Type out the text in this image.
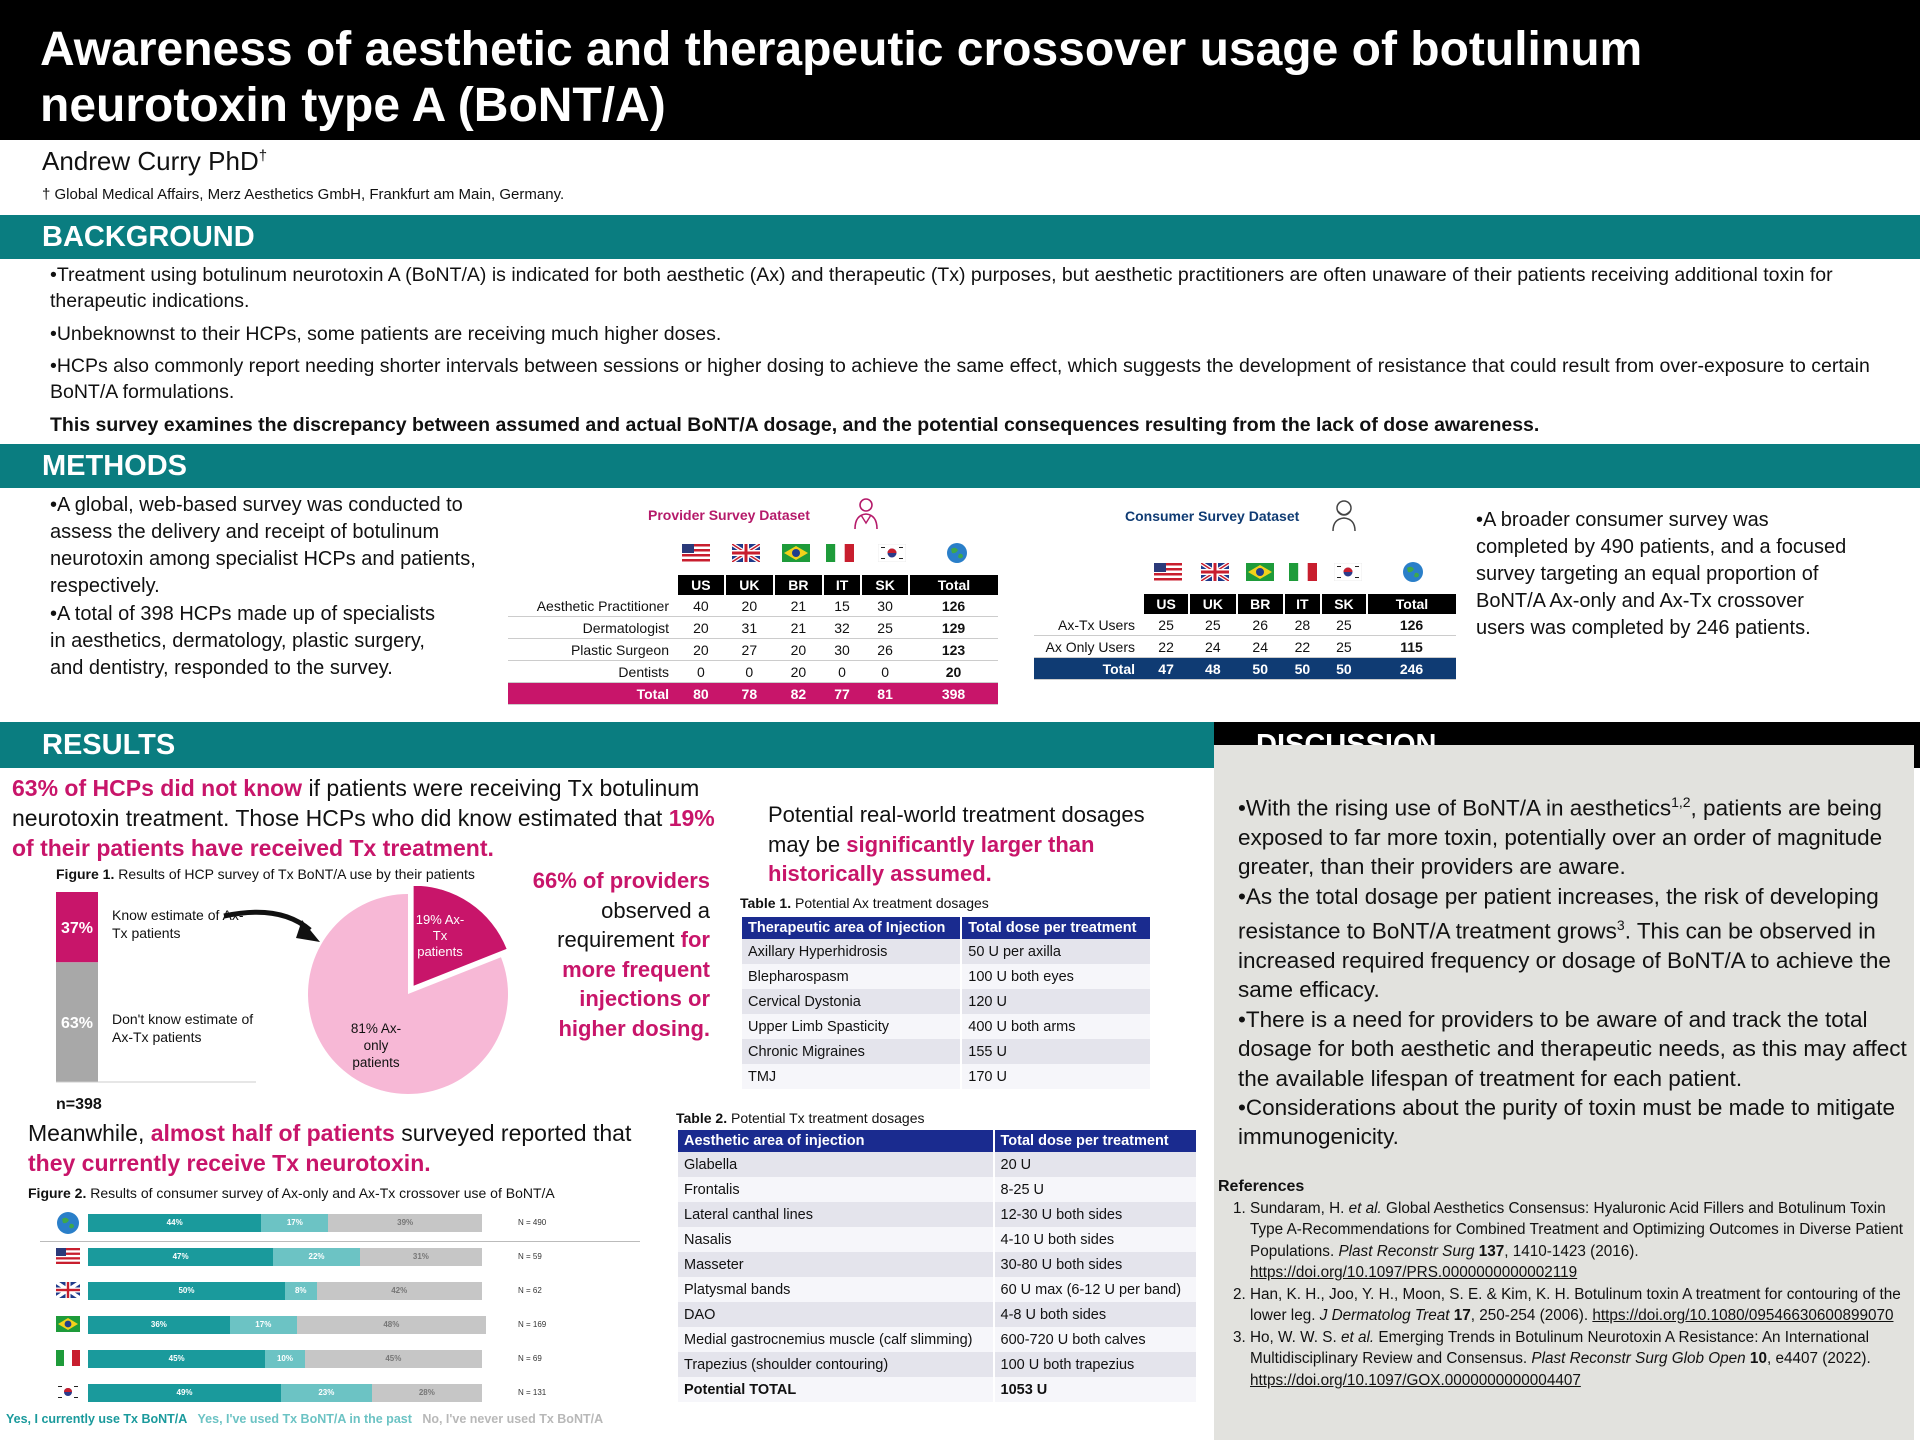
Awareness of aesthetic and therapeutic crossover usage of botulinum neurotoxin type A (BoNT/A)
Andrew Curry PhD†
† Global Medical Affairs, Merz Aesthetics GmbH, Frankfurt am Main, Germany.
BACKGROUND
•Treatment using botulinum neurotoxin A (BoNT/A) is indicated for both aesthetic (Ax) and therapeutic (Tx) purposes, but aesthetic practitioners are often unaware of their patients receiving additional toxin for therapeutic indications.
•Unbeknownst to their HCPs, some patients are receiving much higher doses.
•HCPs also commonly report needing shorter intervals between sessions or higher dosing to achieve the same effect, which suggests the development of resistance that could result from over-exposure to certain BoNT/A formulations.
This survey examines the discrepancy between assumed and actual BoNT/A dosage, and the potential consequences resulting from the lack of dose awareness.
METHODS
•A global, web-based survey was conducted to assess the delivery and receipt of botulinum neurotoxin among specialist HCPs and patients, respectively.
•A total of 398 HCPs made up of specialists in aesthetics, dermatology, plastic surgery, and dentistry, responded to the survey.
Provider Survey Dataset
	US	UK	BR	IT	SK	Total
Aesthetic Practitioner	40	20	21	15	30	126
Dermatologist	20	31	21	32	25	129
Plastic Surgeon	20	27	20	30	26	123
Dentists	0	0	20	0	0	20
Total	80	78	82	77	81	398
Consumer Survey Dataset
	US	UK	BR	IT	SK	Total
Ax-Tx Users	25	25	26	28	25	126
Ax Only Users	22	24	24	22	25	115
Total	47	48	50	50	50	246
•A broader consumer survey was completed by 490 patients, and a focused survey targeting an equal proportion of BoNT/A Ax-only and Ax-Tx crossover users was completed by 246 patients.
RESULTS
63% of HCPs did not know if patients were receiving Tx botulinum neurotoxin treatment. Those HCPs who did know estimated that 19% of their patients have received Tx treatment.
Figure 1. Results of HCP survey of Tx BoNT/A use by their patients
37%
63%
Know estimate of Ax-Tx patients
Don't know estimate of Ax-Tx patients
n=398
19% Ax-Tx patients
81% Ax-only patients
66% of providers observed a requirement for more frequent injections or higher dosing.
Potential real-world treatment dosages may be significantly larger than historically assumed.
Table 1. Potential Ax treatment dosages
Therapeutic area of Injection	Total dose per treatment
Axillary Hyperhidrosis	50 U per axilla
Blepharospasm	100 U both eyes
Cervical Dystonia	120 U
Upper Limb Spasticity	400 U both arms
Chronic Migraines	155 U
TMJ	170 U
Meanwhile, almost half of patients surveyed reported that they currently receive Tx neurotoxin.
Figure 2. Results of consumer survey of Ax-only and Ax-Tx crossover use of BoNT/A
Yes, I currently use Tx BoNT/A Yes, I've used Tx BoNT/A in the past No, I've never used Tx BoNT/A
Table 2. Potential Tx treatment dosages
Aesthetic area of injection	Total dose per treatment
Glabella	20 U
Frontalis	8-25 U
Lateral canthal lines	12-30 U both sides
Nasalis	4-10 U both sides
Masseter	30-80 U both sides
Platysmal bands	60 U max (6-12 U per band)
DAO	4-8 U both sides
Medial gastrocnemius muscle (calf slimming)	600-720 U both calves
Trapezius (shoulder contouring)	100 U both trapezius
Potential TOTAL	1053 U
•With the rising use of BoNT/A in aesthetics$^{1,2}$, patients are being exposed to far more toxin, potentially over an order of magnitude greater, than their providers are aware.
•As the total dosage per patient increases, the risk of developing resistance to BoNT/A treatment grows$^3$. This can be observed in increased required frequency or dosage of BoNT/A to achieve the same efficacy.
•There is a need for providers to be aware of and track the total dosage for both aesthetic and therapeutic needs, as this may affect the available lifespan of treatment for each patient.
•Considerations about the purity of toxin must be made to mitigate immunogenicity.
References
1. Sundaram, H. et al. Global Aesthetics Consensus: Hyaluronic Acid Fillers and Botulinum Toxin Type A-Recommendations for Combined Treatment and Optimizing Outcomes in Diverse Patient Populations. Plast Reconstr Surg 137, 1410-1423 (2016). https://doi.org/10.1097/PRS.0000000000002119
2. Han, K. H., Joo, Y. H., Moon, S. E. & Kim, K. H. Botulinum toxin A treatment for contouring of the lower leg. J Dermatolog Treat 17, 250-254 (2006). https://doi.org/10.1080/09546630600899070
3. Ho, W. W. S. et al. Emerging Trends in Botulinum Neurotoxin A Resistance: An International Multidisciplinary Review and Consensus. Plast Reconstr Surg Glob Open 10, e4407 (2022). https://doi.org/10.1097/GOX.0000000000004407
44%	17%	39%	N = 490
47%	22%	31%	N = 59
50%	8%	42%	N = 62
36%	17%	48%	N = 169
45%	10%	45%	N = 69
49%	23%	28%	N = 131
